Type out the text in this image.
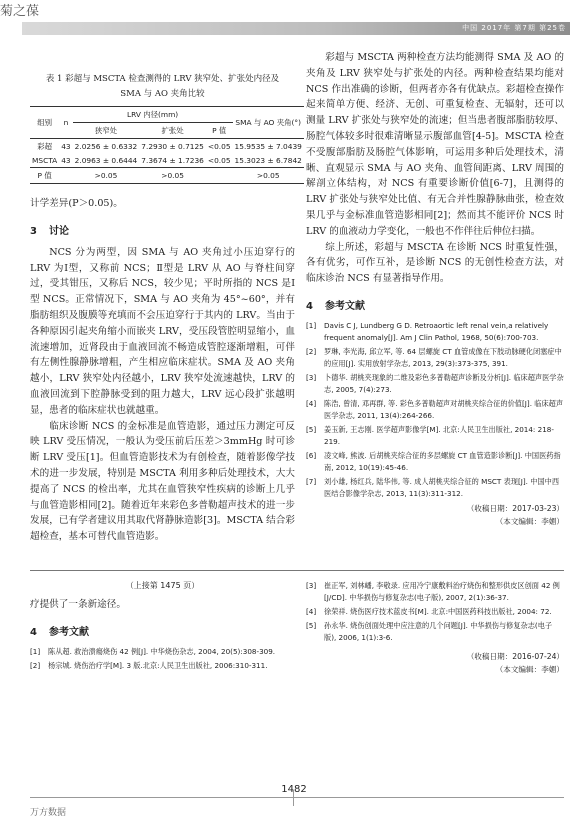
菊之葆
中国 2017年 第7期 第25卷
表 1 彩超与 MSCTA 检查测得的 LRV 狭窄处、扩张处内径及
SMA 与 AO 夹角比较
组别	n	LRV 内径(mm)			SMA 与 AO 夹角(°)
		狭窄处	扩张处	P 值	
彩超	43	2.0256 ± 0.6332	7.2930 ± 0.7125	<0.05	15.9535 ± 7.0439
MSCTA	43	2.0963 ± 0.6444	7.3674 ± 1.7236	<0.05	15.3023 ± 6.7842
P 值		>0.05	>0.05		>0.05

计学差异(P＞0.05)。

3 讨论

NCS 分为两型，因 SMA 与 AO 夹角过小压迫穿行的 LRV 为Ⅰ型，又称前 NCS；Ⅱ型是 LRV 从 AO 与脊柱间穿过，受其钳压，又称后 NCS，较少见；平时所指的 NCS 是Ⅰ型 NCS。正常情况下，SMA 与 AO 夹角为 45°~60°，并有脂肪组织及腹膜等充填而不会压迫穿行于其内的 LRV。当由于各种原因引起夹角缩小而嵌夹 LRV，受压段管腔明显缩小，血流速增加，近肾段由于血液回流不畅造成管腔逐渐增粗，可伴有左侧性腺静脉增粗，产生相应临床症状。SMA 及 AO 夹角越小，LRV 狭窄处内径越小，LRV 狭窄处流速越快，LRV 的血液回流到下腔静脉受到的阻力越大，LRV 远心段扩张越明显，患者的临床症状也就越重。

临床诊断 NCS 的金标准是血管造影，通过压力测定可反映 LRV 受压情况，一般认为受压前后压差＞3mmHg 时可诊断 LRV 受压[1]。但血管造影技术为有创检查，随着影像学技术的进一步发展，特别是 MSCTA 利用多种后处理技术，大大提高了 NCS 的检出率，尤其在血管狭窄性疾病的诊断上几乎与血管造影相同[2]。随着近年来彩色多普勒超声技术的进一步发展，已有学者建议用其取代肾静脉造影[3]。MSCTA 结合彩超检查，基本可替代血管造影。

彩超与 MSCTA 两种检查方法均能测得 SMA 及 AO 的夹角及 LRV 狭窄处与扩张处的内径。两种检查结果均能对 NCS 作出准确的诊断，但两者亦各有优缺点。彩超检查操作起来简单方便、经济、无创、可重复检查、无辐射，还可以测量 LRV 扩张处与狭窄处的流速；但当患者腹部脂肪较厚、肠腔气体较多时很难清晰显示腹部血管[4-5]。MSCTA 检查不受腹部脂肪及肠腔气体影响，可运用多种后处理技术，清晰、直观显示 SMA 与 AO 夹角、血管间距离、LRV 周围的解剖立体结构，对 NCS 有重要诊断价值[6-7]，且测得的 LRV 扩张处与狭窄处比值、有无合并性腺静脉曲张，检查效果几乎与金标准血管造影相同[2]；然而其不能评价 NCS 时 LRV 的血液动力学变化，一般也不作伴往后伸位扫描。

综上所述，彩超与 MSCTA 在诊断 NCS 时重复性强，各有优劣，可作互补，是诊断 NCS 的无创性检查方法，对临床诊治 NCS 有显著指导作用。

4 参考文献
[1]	Davis C J, Lundberg G D. Retroaortic left renal vein,a relatively frequent anomaly[J]. Am J Clin Pathol, 1968, 50(6):700-703.
[2]	罗琳, 李光海, 邱立军, 等. 64 层螺旋 CT 血管成像在下肢动脉硬化闭塞症中的应用[J]. 实用放射学杂志, 2013, 29(3):373-375, 391.
[3]	卜德华. 胡桃夹现象的二维及彩色多普勒超声诊断及分析[J]. 临床超声医学杂志, 2005, 7(4):273.
[4]	陈浩, 曾清, 邓再群, 等. 彩色多普勒超声对胡桃夹综合征的价值[J]. 临床超声医学杂志, 2011, 13(4):264-266.
[5]	姜玉新, 王志刚. 医学超声影像学[M]. 北京:人民卫生出版社, 2014: 218-219.
[6]	凌文峰, 熊波. 后胡桃夹综合征的多层螺旋 CT 血管造影诊断[J]. 中国医药指南, 2012, 10(19):45-46.
[7]	刘小雄, 杨红兵, 陆华伟, 等. 成人胡桃夹综合征的 MSCT 表现[J]. 中国中西医结合影像学杂志, 2013, 11(3):311-312.
（收稿日期：2017-03-23）
（本文编辑：李媚）
（上接第 1475 页）

疗提供了一条新途径。

4 参考文献
[1]	陈从超. 救治溃瘍烧伤 42 例[J]. 中华烧伤杂志, 2004, 20(5):308-309.
[2]	杨宗城. 烧伤治疗学[M]. 3 版.北京:人民卫生出版社, 2006:310-311.
[3]	崔正军, 刘林嶓, 李敬录. 应用冷宁康敷料治疗烧伤和整形供皮区创面 42 例[J/CD]. 中华损伤与修复杂志(电子版), 2007, 2(1):36-37.
[4]	徐荣祥. 烧伤医疗技术蓝皮书[M]. 北京:中国医药科技出版社, 2004: 72.
[5]	孙永华. 烧伤创面处理中应注意的几个问题[J]. 中华损伤与修复杂志(电子版), 2006, 1(1):3-6.
（收稿日期：2016-07-24）
（本文编辑：李媚）
1482
万方数据
